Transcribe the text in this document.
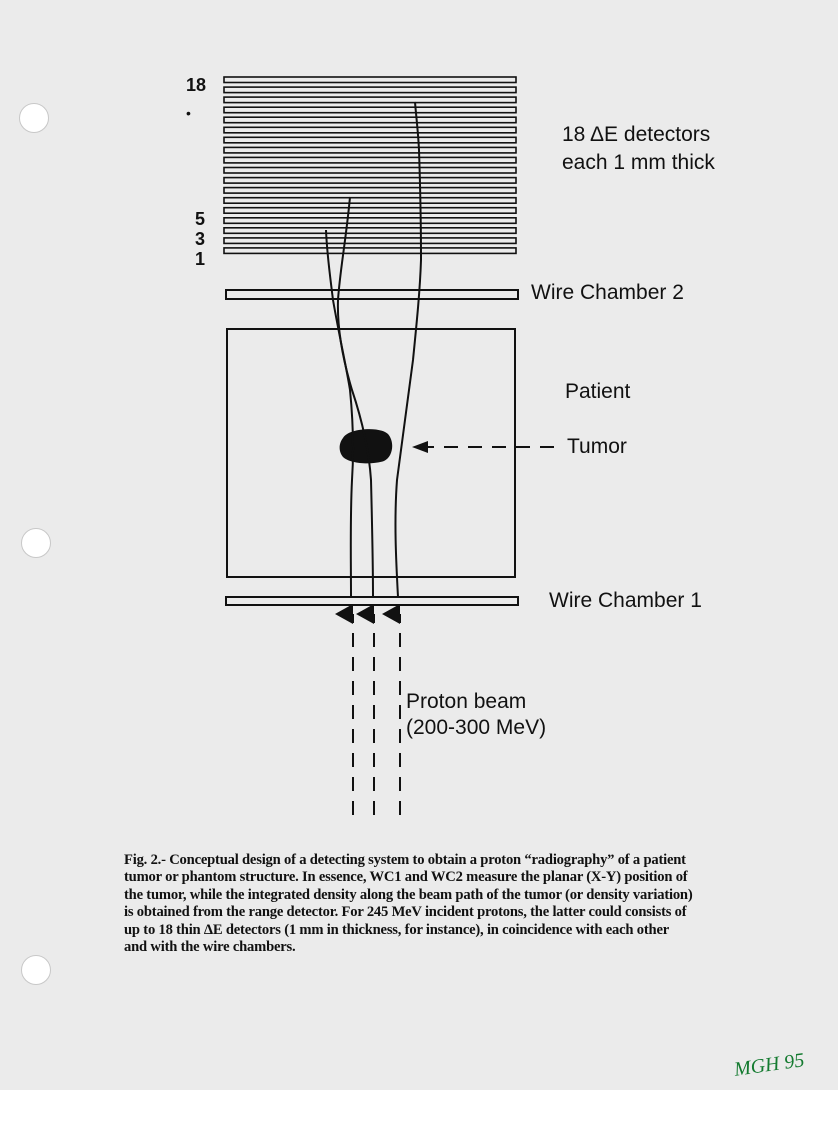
18
•
5
3
1
18 ΔE detectors
each 1 mm thick
Wire Chamber 2
Patient
Tumor
Wire Chamber 1
Proton beam
(200-300 MeV)
Fig. 2.- Conceptual design of a detecting system to obtain a proton “radiography” of a patient
tumor or phantom structure. In essence, WC1 and WC2 measure the planar (X-Y) position of
the tumor, while the integrated density along the beam path of the tumor (or density variation)
is obtained from the range detector. For 245 MeV incident protons, the latter could consists of
up to 18 thin ΔE detectors (1 mm in thickness, for instance), in coincidence with each other
and with the wire chambers.
MGH 95
